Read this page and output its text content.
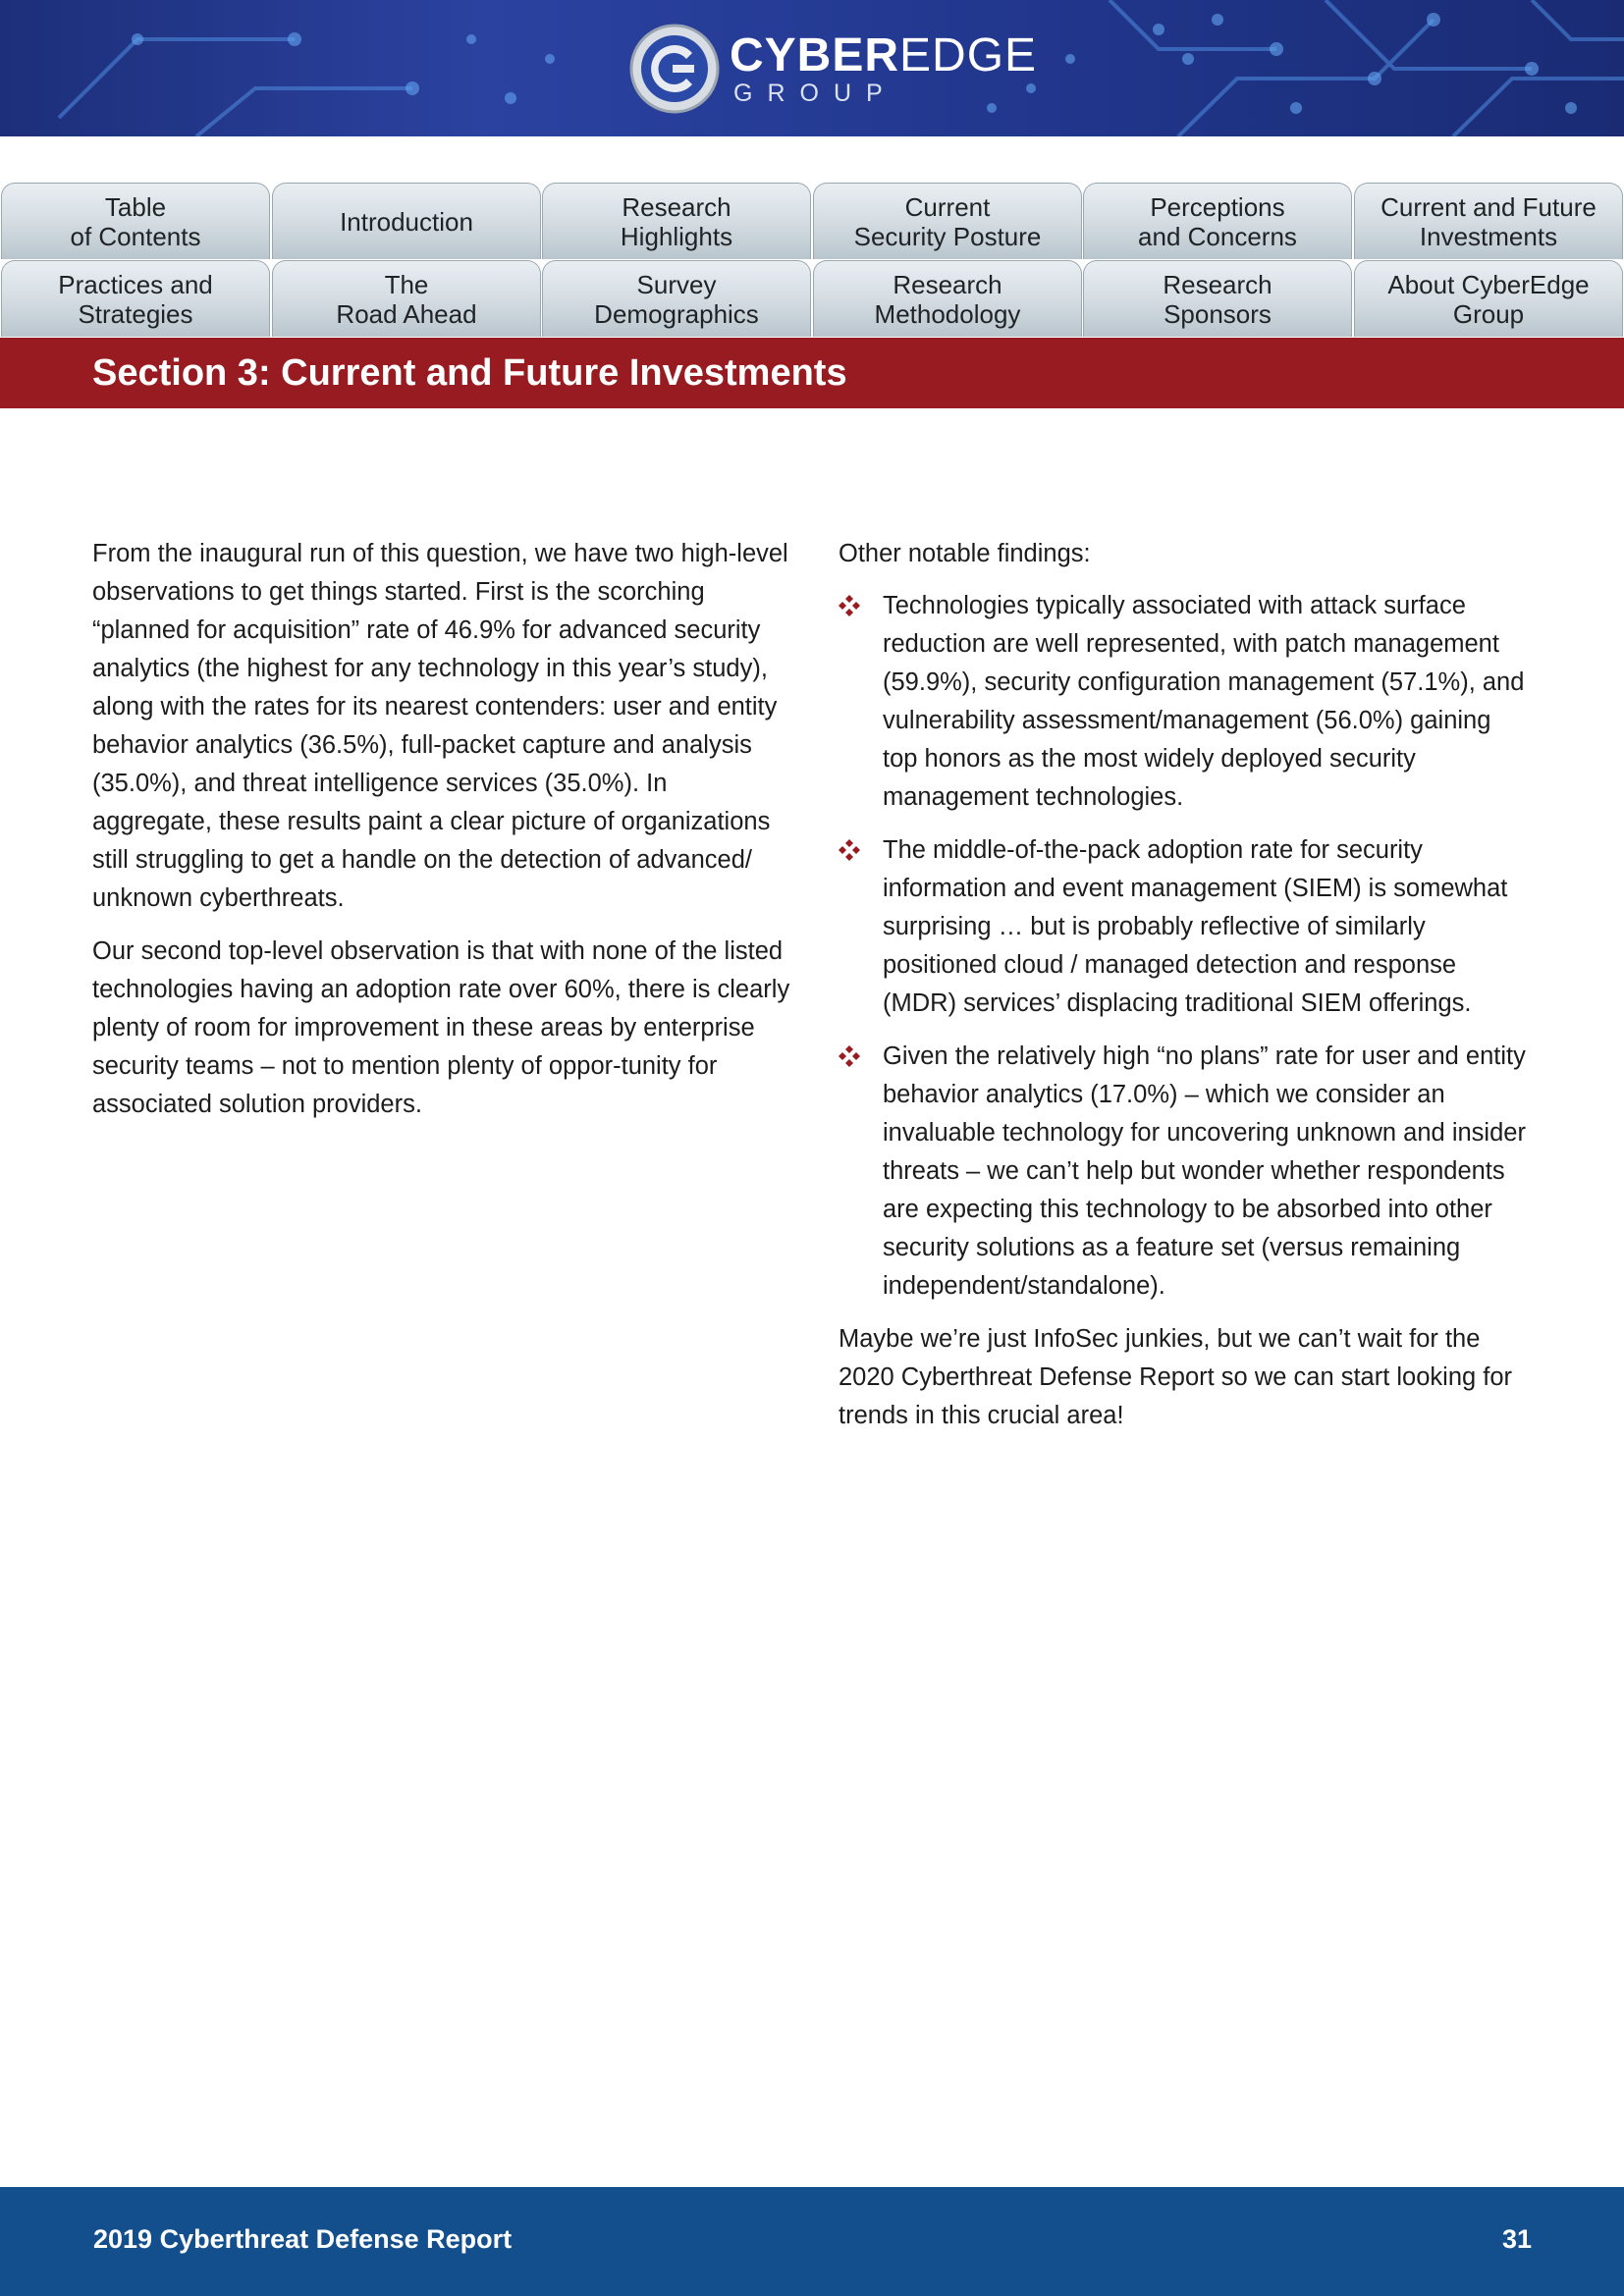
CYBEREDGE
GROUP
Table
of Contents	Introduction	Research
Highlights
Current
Security Posture
Perceptions
and Concerns
Current and Future
Investments
Practices and
Strategies
The
Road Ahead
Survey
Demographics
Research
Methodology
Research
Sponsors
About CyberEdge
Group
Section 3: Current and Future Investments

From the inaugural run of this question, we have two high-level observations to get things started. First is the scorching “planned for acquisition” rate of 46.9% for advanced security analytics (the highest for any technology in this year’s study), along with the rates for its nearest contenders: user and entity behavior analytics (36.5%), full-packet capture and analysis (35.0%), and threat intelligence services (35.0%). In aggregate, these results paint a clear picture of organizations still struggling to get a handle on the detection of advanced/ unknown cyberthreats.

Our second top-level observation is that with none of the listed technologies having an adoption rate over 60%, there is clearly plenty of room for improvement in these areas by enterprise security teams – not to mention plenty of oppor-tunity for associated solution providers.

Other notable findings:

Technologies typically associated with attack surface reduction are well represented, with patch management (59.9%), security configuration management (57.1%), and vulnerability assessment/management (56.0%) gaining top honors as the most widely deployed security management technologies.
The middle-of-the-pack adoption rate for security information and event management (SIEM) is somewhat surprising … but is probably reflective of similarly positioned cloud / managed detection and response (MDR) services’ displacing traditional SIEM offerings.
Given the relatively high “no plans” rate for user and entity behavior analytics (17.0%) – which we consider an invaluable technology for uncovering unknown and insider threats – we can’t help but wonder whether respondents are expecting this technology to be absorbed into other security solutions as a feature set (versus remaining independent/standalone).

Maybe we’re just InfoSec junkies, but we can’t wait for the 2020 Cyberthreat Defense Report so we can start looking for trends in this crucial area!

2019 Cyberthreat Defense Report	31
